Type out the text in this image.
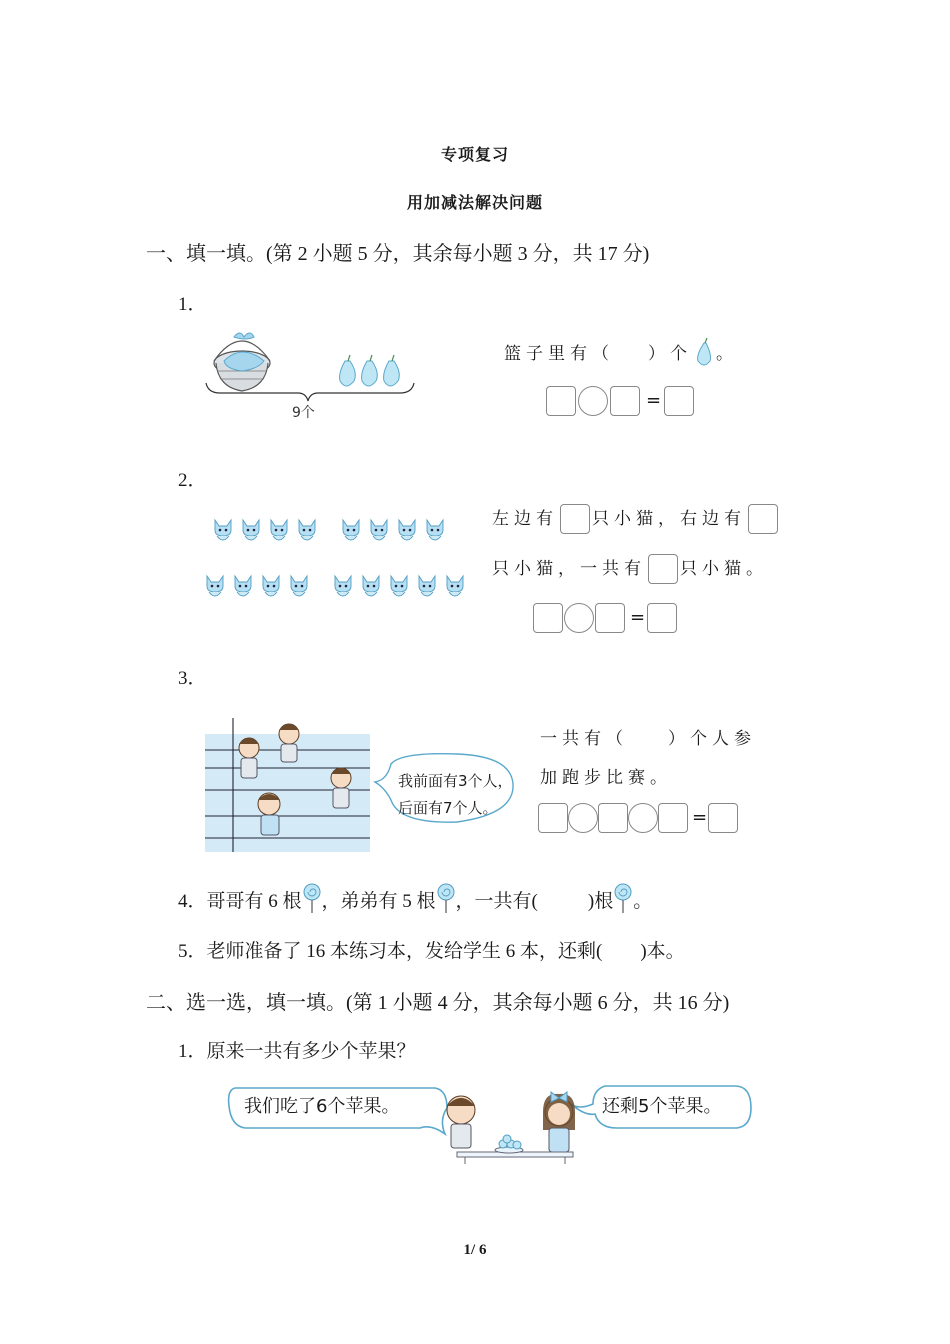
专项复习
用加减法解决问题
一、填一填。(第 2 小题 5 分，其余每小题 3 分，共 17 分)
1．
9个
篮子里有（ ）个 。
=
2．
左边有 只小猫，右边有
只小猫，一共有 只小猫。
=
3．
我前面有3个人，
后面有7个人。
一共有（ ）个人参
加跑步比赛。
=
4．哥哥有 6 根 ，弟弟有 5 根 ，一共有(	)根 。
5．老师准备了 16 本练习本，发给学生 6 本，还剩(　　)本。
二、选一选，填一填。(第 1 小题 4 分，其余每小题 6 分，共 16 分)
1．原来一共有多少个苹果？
我们吃了6个苹果。	还剩5个苹果。
1/ 6
